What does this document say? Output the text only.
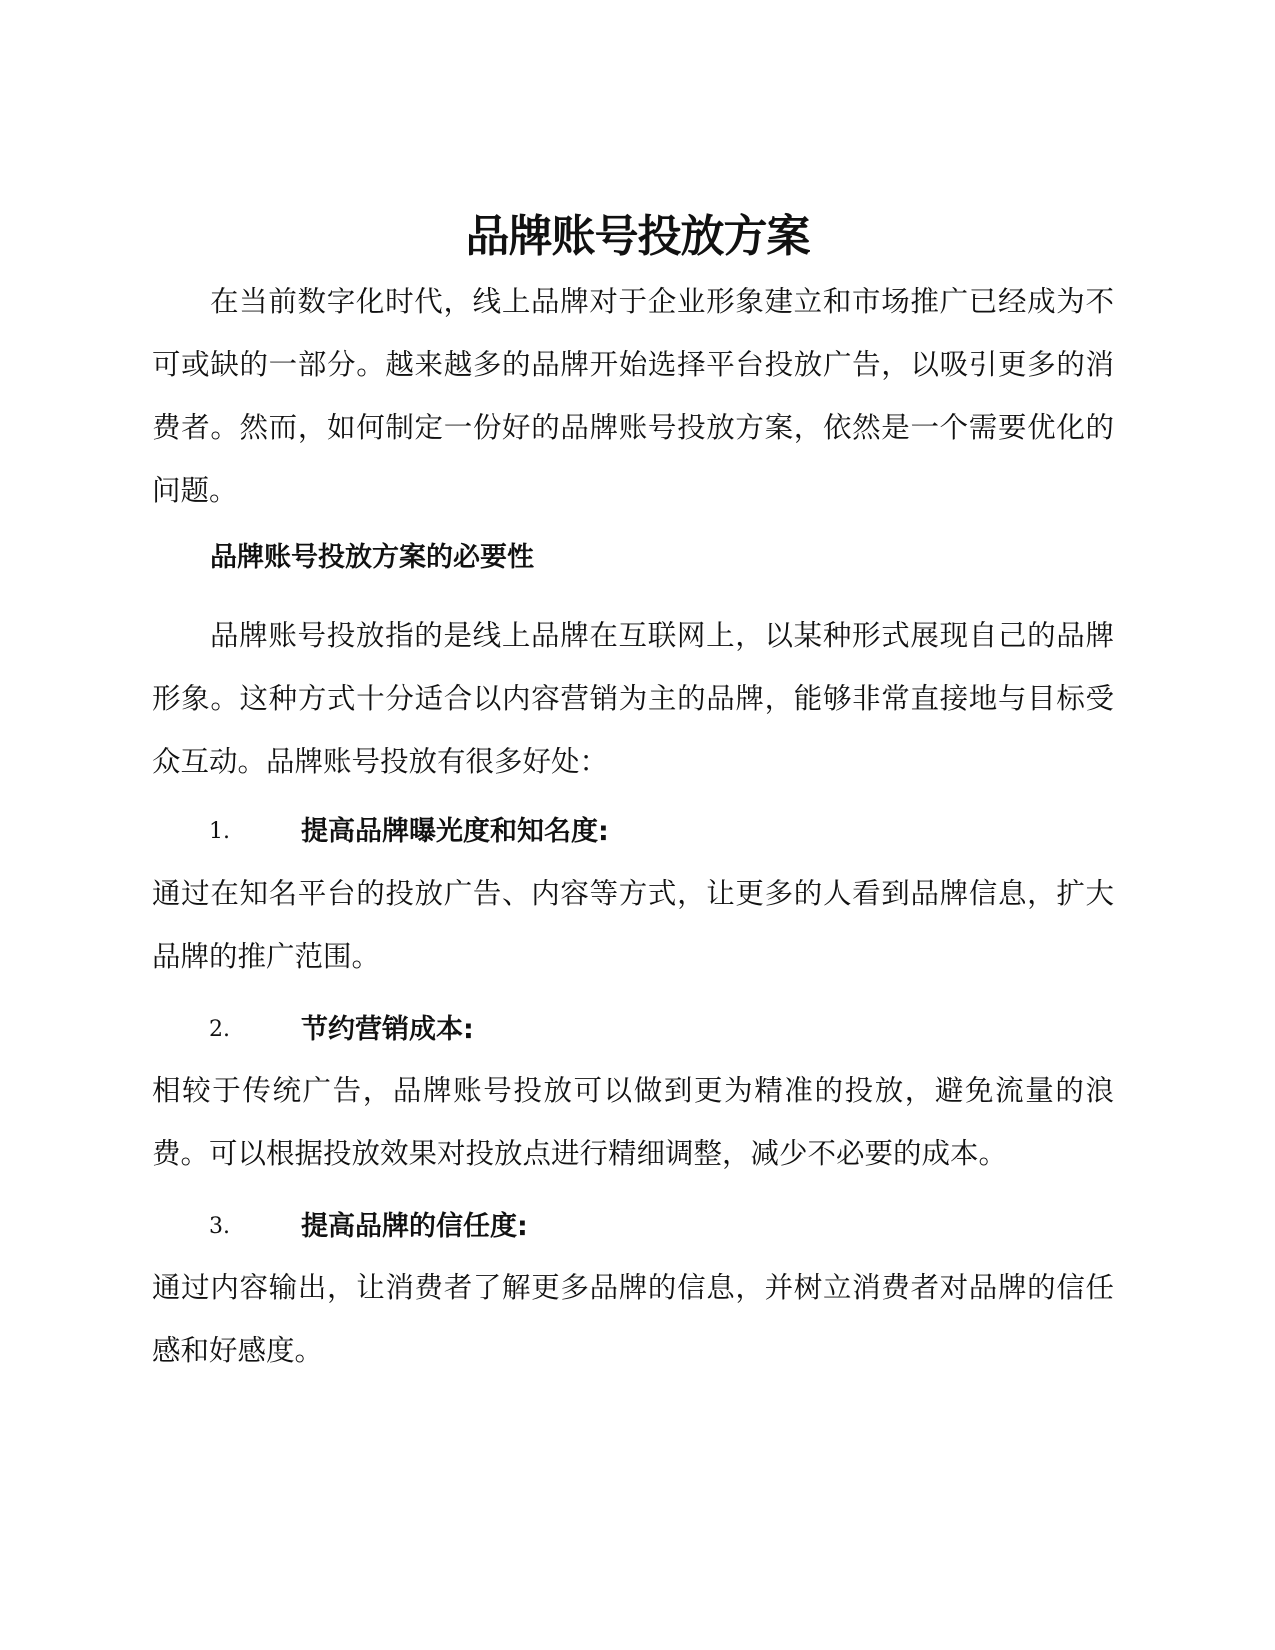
品牌账号投放方案

在当前数字化时代，线上品牌对于企业形象建立和市场推广已经成为不可或缺的一部分。越来越多的品牌开始选择平台投放广告，以吸引更多的消费者。然而，如何制定一份好的品牌账号投放方案，依然是一个需要优化的问题。

品牌账号投放方案的必要性

品牌账号投放指的是线上品牌在互联网上，以某种形式展现自己的品牌形象。这种方式十分适合以内容营销为主的品牌，能够非常直接地与目标受众互动。品牌账号投放有很多好处：

1.	提高品牌曝光度和知名度:

通过在知名平台的投放广告、内容等方式，让更多的人看到品牌信息，扩大品牌的推广范围。

2.	节约营销成本:

相较于传统广告，品牌账号投放可以做到更为精准的投放，避免流量的浪费。可以根据投放效果对投放点进行精细调整，减少不必要的成本。

3.	提高品牌的信任度:

通过内容输出，让消费者了解更多品牌的信息，并树立消费者对品牌的信任感和好感度。
